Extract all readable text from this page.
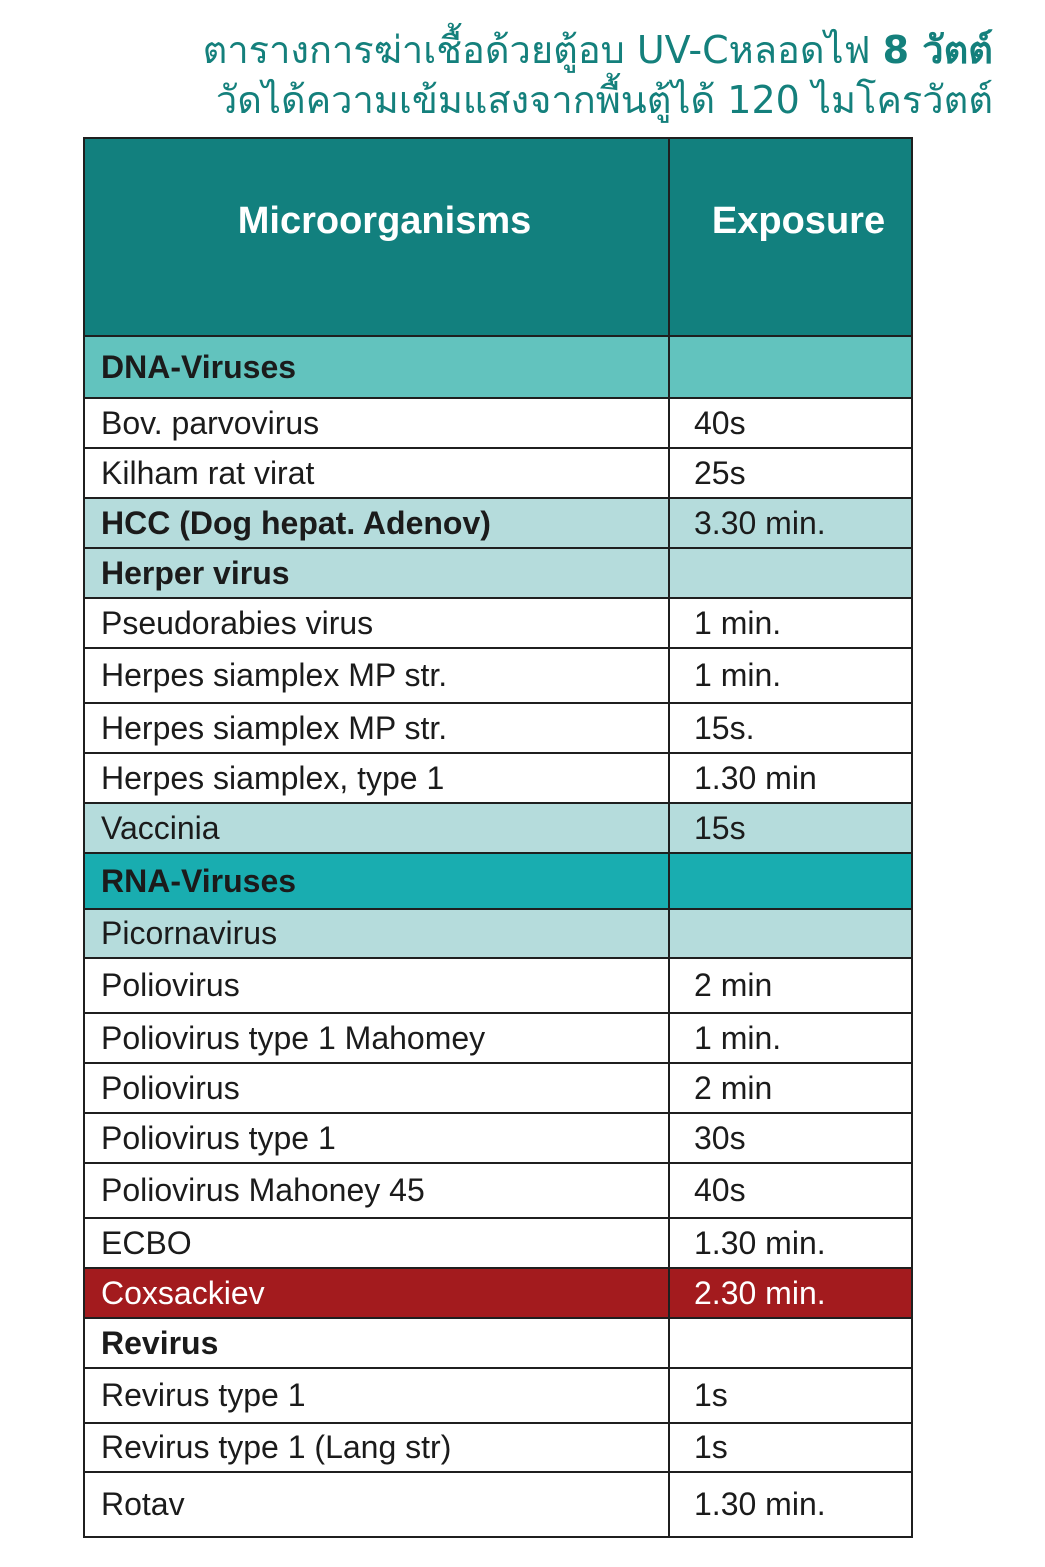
ตารางการฆ่าเชื้อด้วยตู้อบ UV-Cหลอดไฟ 8 วัตต์
วัดได้ความเข้มแสงจากพื้นตู้ได้ 120 ไมโครวัตต์
Microorganisms	Exposure
DNA-Viruses	
Bov. parvovirus	40s
Kilham rat virat	25s
HCC (Dog hepat. Adenov)	3.30 min.
Herper virus	
Pseudorabies virus	1 min.
Herpes siamplex MP str.	1 min.
Herpes siamplex MP str.	15s.
Herpes siamplex, type 1	1.30 min
Vaccinia	15s
RNA-Viruses	
Picornavirus	
Poliovirus	2 min
Poliovirus type 1 Mahomey	1 min.
Poliovirus	2 min
Poliovirus type 1	30s
Poliovirus Mahoney 45	40s
ECBO	1.30 min.
Coxsackiev	2.30 min.
Revirus	
Revirus type 1	1s
Revirus type 1 (Lang str)	1s
Rotav	1.30 min.
